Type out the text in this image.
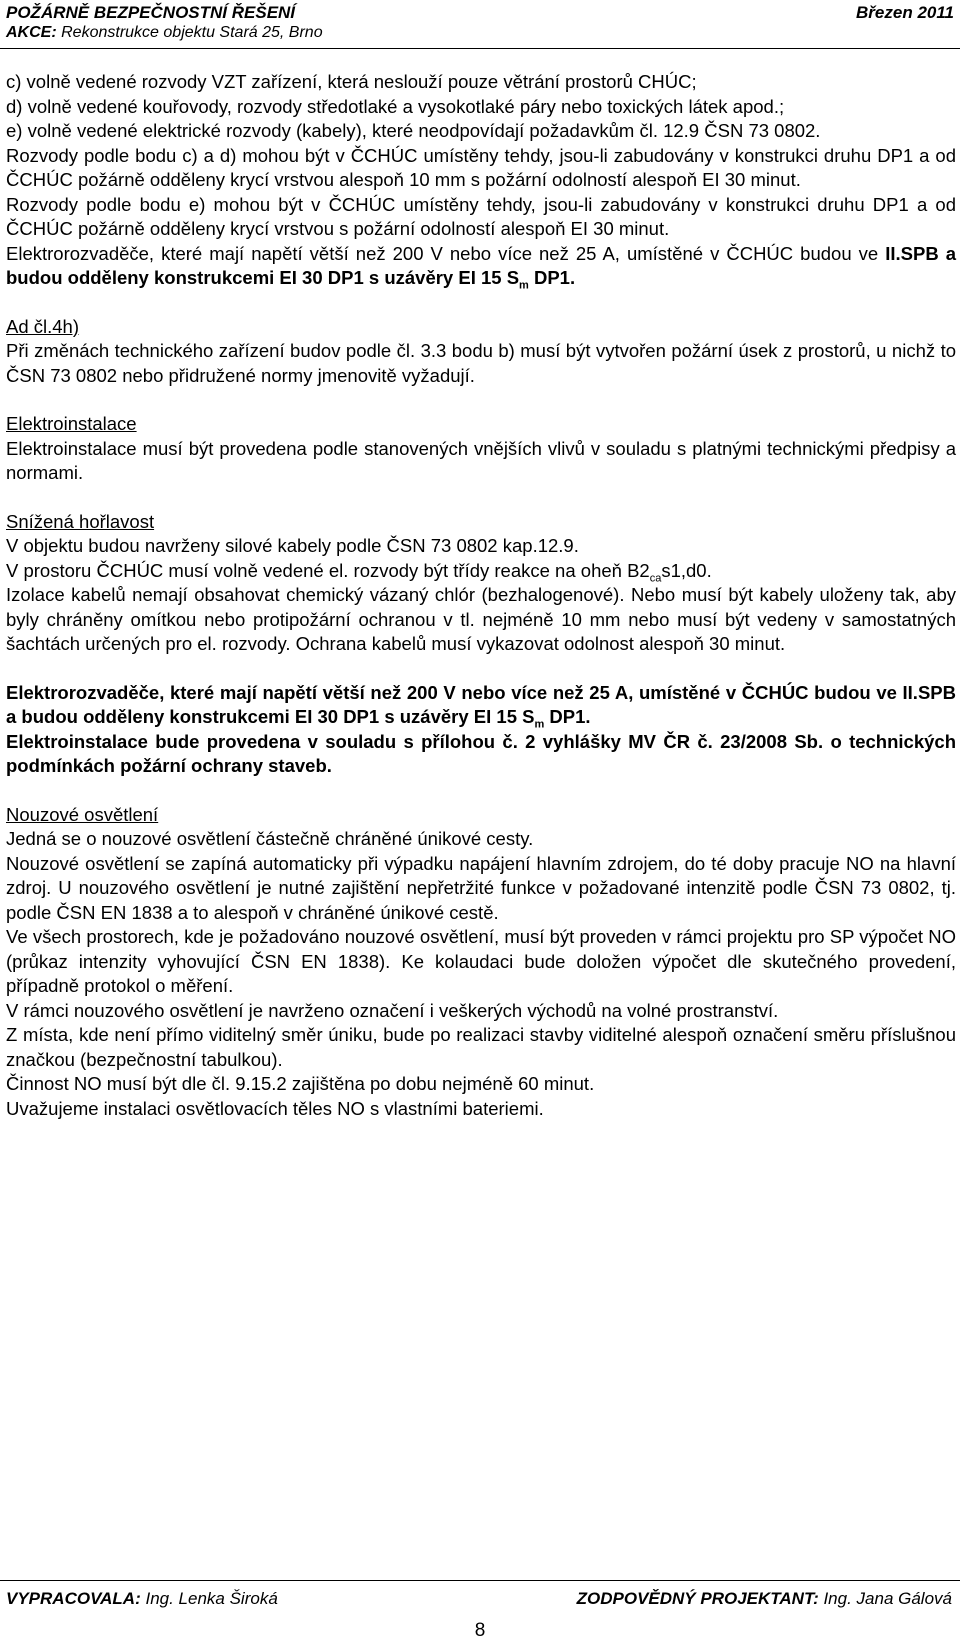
POŽÁRNĚ BEZPEČNOSTNÍ ŘEŠENÍ	Březen 2011
AKCE: Rekonstrukce objektu Stará 25, Brno

c) volně vedené rozvody VZT zařízení, která neslouží pouze větrání prostorů CHÚC;

d) volně vedené kouřovody, rozvody středotlaké a vysokotlaké páry nebo toxických látek apod.;

e) volně vedené elektrické rozvody (kabely), které neodpovídají požadavkům čl. 12.9 ČSN 73 0802.

Rozvody podle bodu c) a d) mohou být v ČCHÚC umístěny tehdy, jsou-li zabudovány v konstrukci druhu DP1 a od ČCHÚC požárně odděleny krycí vrstvou alespoň 10 mm s požární odolností alespoň EI 30 minut.

Rozvody podle bodu e) mohou být v ČCHÚC umístěny tehdy, jsou-li zabudovány v konstrukci druhu DP1 a od ČCHÚC požárně odděleny krycí vrstvou s požární odolností alespoň EI 30 minut.

Elektrorozvaděče, které mají napětí větší než 200 V nebo více než 25 A, umístěné v ČCHÚC budou ve II.SPB a budou odděleny konstrukcemi EI 30 DP1 s uzávěry EI 15 $S_m$ DP1.

Ad čl.4h)

Při změnách technického zařízení budov podle čl. 3.3 bodu b) musí být vytvořen požární úsek z prostorů, u nichž to ČSN 73 0802 nebo přidružené normy jmenovitě vyžadují.

Elektroinstalace

Elektroinstalace musí být provedena podle stanovených vnějších vlivů v souladu s platnými technickými předpisy a normami.

Snížená hořlavost

V objektu budou navrženy silové kabely podle ČSN 73 0802 kap.12.9.

V prostoru ČCHÚC musí volně vedené el. rozvody být třídy reakce na oheň $B2_{ca}s1,d0$.

Izolace kabelů nemají obsahovat chemický vázaný chlór (bezhalogenové). Nebo musí být kabely uloženy tak, aby byly chráněny omítkou nebo protipožární ochranou v tl. nejméně 10 mm nebo musí být vedeny v samostatných šachtách určených pro el. rozvody. Ochrana kabelů musí vykazovat odolnost alespoň 30 minut.

Elektrorozvaděče, které mají napětí větší než 200 V nebo více než 25 A, umístěné v ČCHÚC budou ve II.SPB a budou odděleny konstrukcemi EI 30 DP1 s uzávěry EI 15 $S_m$ DP1.

Elektroinstalace bude provedena v souladu s přílohou č. 2 vyhlášky MV ČR č. 23/2008 Sb. o technických podmínkách požární ochrany staveb.

Nouzové osvětlení

Jedná se o nouzové osvětlení částečně chráněné únikové cesty.

Nouzové osvětlení se zapíná automaticky při výpadku napájení hlavním zdrojem, do té doby pracuje NO na hlavní zdroj. U nouzového osvětlení je nutné zajištění nepřetržité funkce v požadované intenzitě podle ČSN 73 0802, tj. podle ČSN EN 1838 a to alespoň v chráněné únikové cestě.

Ve všech prostorech, kde je požadováno nouzové osvětlení, musí být proveden v rámci projektu pro SP výpočet NO (průkaz intenzity vyhovující ČSN EN 1838). Ke kolaudaci bude doložen výpočet dle skutečného provedení, případně protokol o měření.

V rámci nouzového osvětlení je navrženo označení i veškerých východů na volné prostranství.

Z místa, kde není přímo viditelný směr úniku, bude po realizaci stavby viditelné alespoň označení směru příslušnou značkou (bezpečnostní tabulkou).

Činnost NO musí být dle čl. 9.15.2 zajištěna po dobu nejméně 60 minut.

Uvažujeme instalaci osvětlovacích těles NO s vlastními bateriemi.

VYPRACOVALA: Ing. Lenka Široká	ZODPOVĚDNÝ PROJEKTANT: Ing. Jana Gálová
8
